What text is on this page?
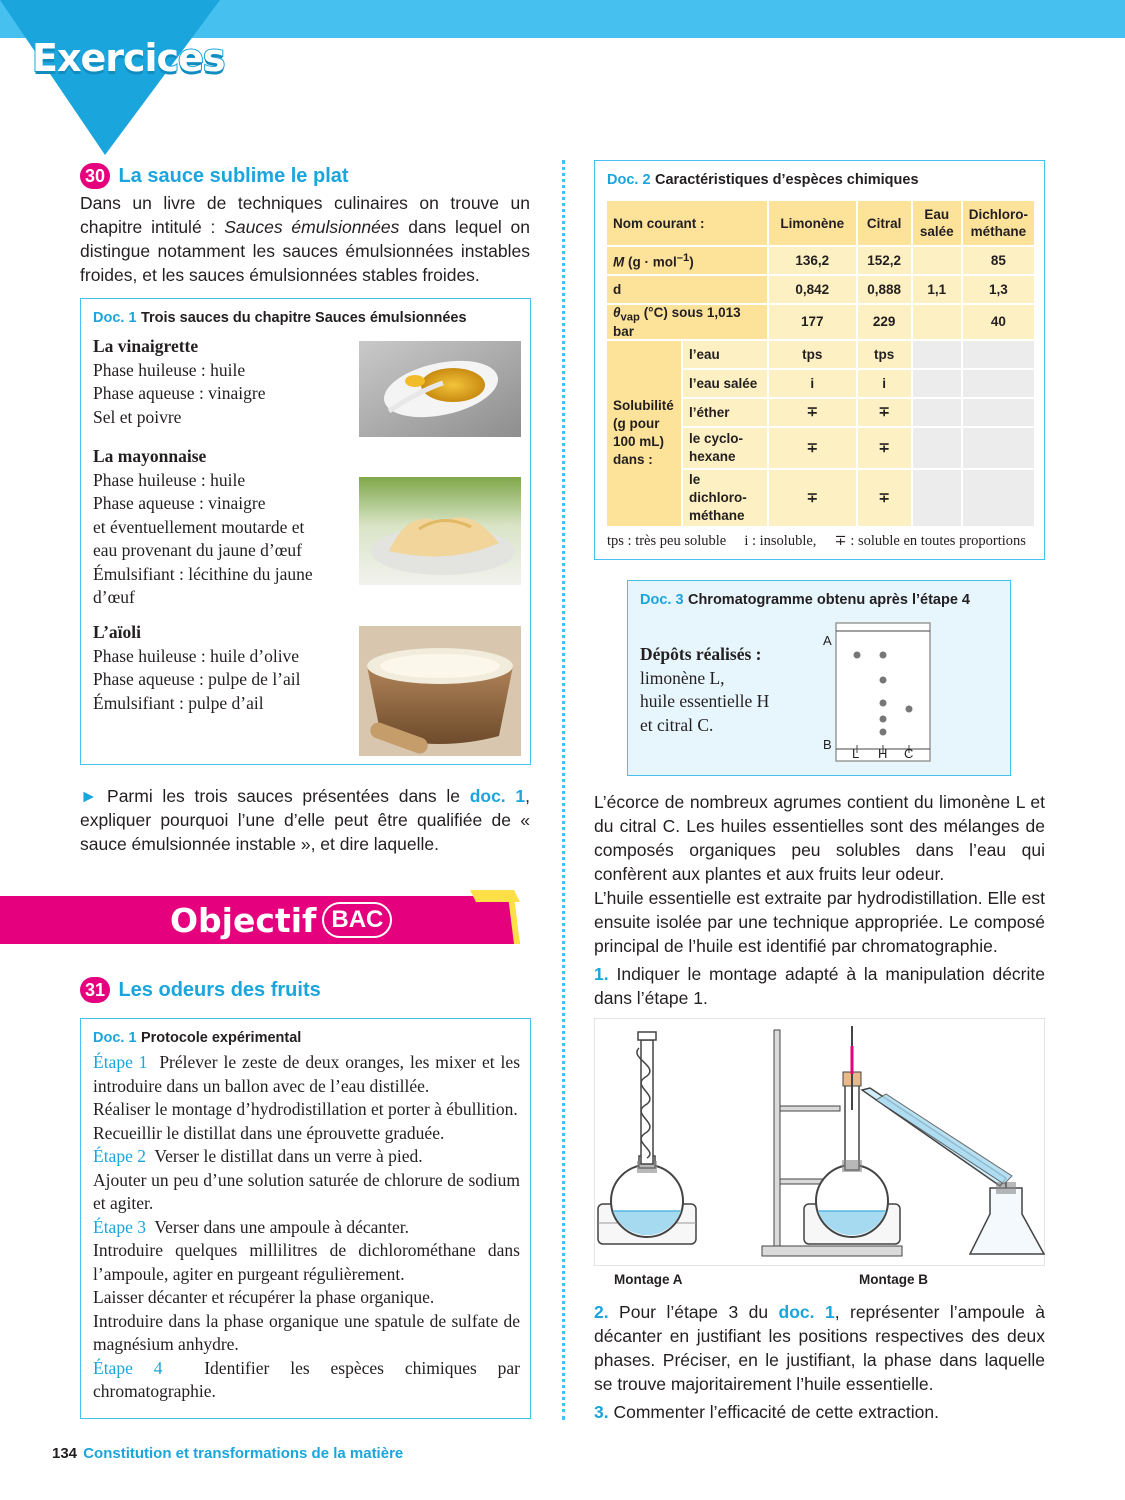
Exercices
30 La sauce sublime le plat

Dans un livre de techniques culinaires on trouve un chapitre intitulé : Sauces émulsionnées dans lequel on distingue notamment les sauces émulsionnées instables froides, et les sauces émulsionnées stables froides.

Doc. 1 Trois sauces du chapitre Sauces émulsionnées
La vinaigrette
Phase huileuse : huile
Phase aqueuse : vinaigre
Sel et poivre
La mayonnaise
Phase huileuse : huile
Phase aqueuse : vinaigre
et éventuellement moutarde et
eau provenant du jaune d’œuf
Émulsifiant : lécithine du jaune
d’œuf
L’aïoli
Phase huileuse : huile d’olive
Phase aqueuse : pulpe de l’ail
Émulsifiant : pulpe d’ail

► Parmi les trois sauces présentées dans le doc. 1, expliquer pourquoi l’une d’elle peut être qualifiée de « sauce émulsionnée instable », et dire laquelle.

Objectif BAC
31 Les odeurs des fruits
Doc. 1 Protocole expérimental
Étape 1 Prélever le zeste de deux oranges, les mixer et les introduire dans un ballon avec de l’eau distillée.
Réaliser le montage d’hydrodistillation et porter à ébullition.
Recueillir le distillat dans une éprouvette graduée.
Étape 2 Verser le distillat dans un verre à pied.
Ajouter un peu d’une solution saturée de chlorure de sodium et agiter.
Étape 3 Verser dans une ampoule à décanter.
Introduire quelques millilitres de dichlorométhane dans l’ampoule, agiter en purgeant régulièrement.
Laisser décanter et récupérer la phase organique.
Introduire dans la phase organique une spatule de sulfate de magnésium anhydre.
Étape 4 Identifier les espèces chimiques par chromatographie.
Doc. 2 Caractéristiques d’espèces chimiques
Nom courant :		Limonène	Citral	Eau salée	Dichloro-méthane
M (g · mol$^{-1}$)		136,2	152,2		85
d		0,842	0,888	1,1	1,3
$\theta_{vap}$ (°C) sous 1,013 bar		177	229		40
Solubilité (g pour 100 mL) dans :	l’eau	tps	tps		
	l’eau salée	i	i		
	l’éther	∓	∓		
	le cyclo-hexane	∓	∓		
	le dichloro-méthane	∓	∓		
tps : très peu soluble     i : insoluble,     ∓ : soluble en toutes proportions
Doc. 3 Chromatogramme obtenu après l’étape 4
Dépôts réalisés :
limonène L,
huile essentielle H
et citral C.
A
B
L H C

L’écorce de nombreux agrumes contient du limonène L et du citral C. Les huiles essentielles sont des mélanges de composés organiques peu solubles dans l’eau qui confèrent aux plantes et aux fruits leur odeur.

L’huile essentielle est extraite par hydrodistillation. Elle est ensuite isolée par une technique appropriée. Le composé principal de l’huile est identifié par chromatographie.

1. Indiquer le montage adapté à la manipulation décrite dans l’étape 1.

Montage A	Montage B

2. Pour l’étape 3 du doc. 1, représenter l’ampoule à décanter en justifiant les positions respectives des deux phases. Préciser, en le justifiant, la phase dans laquelle se trouve majoritairement l’huile essentielle.

3. Commenter l’efficacité de cette extraction.

134 Constitution et transformations de la matière
